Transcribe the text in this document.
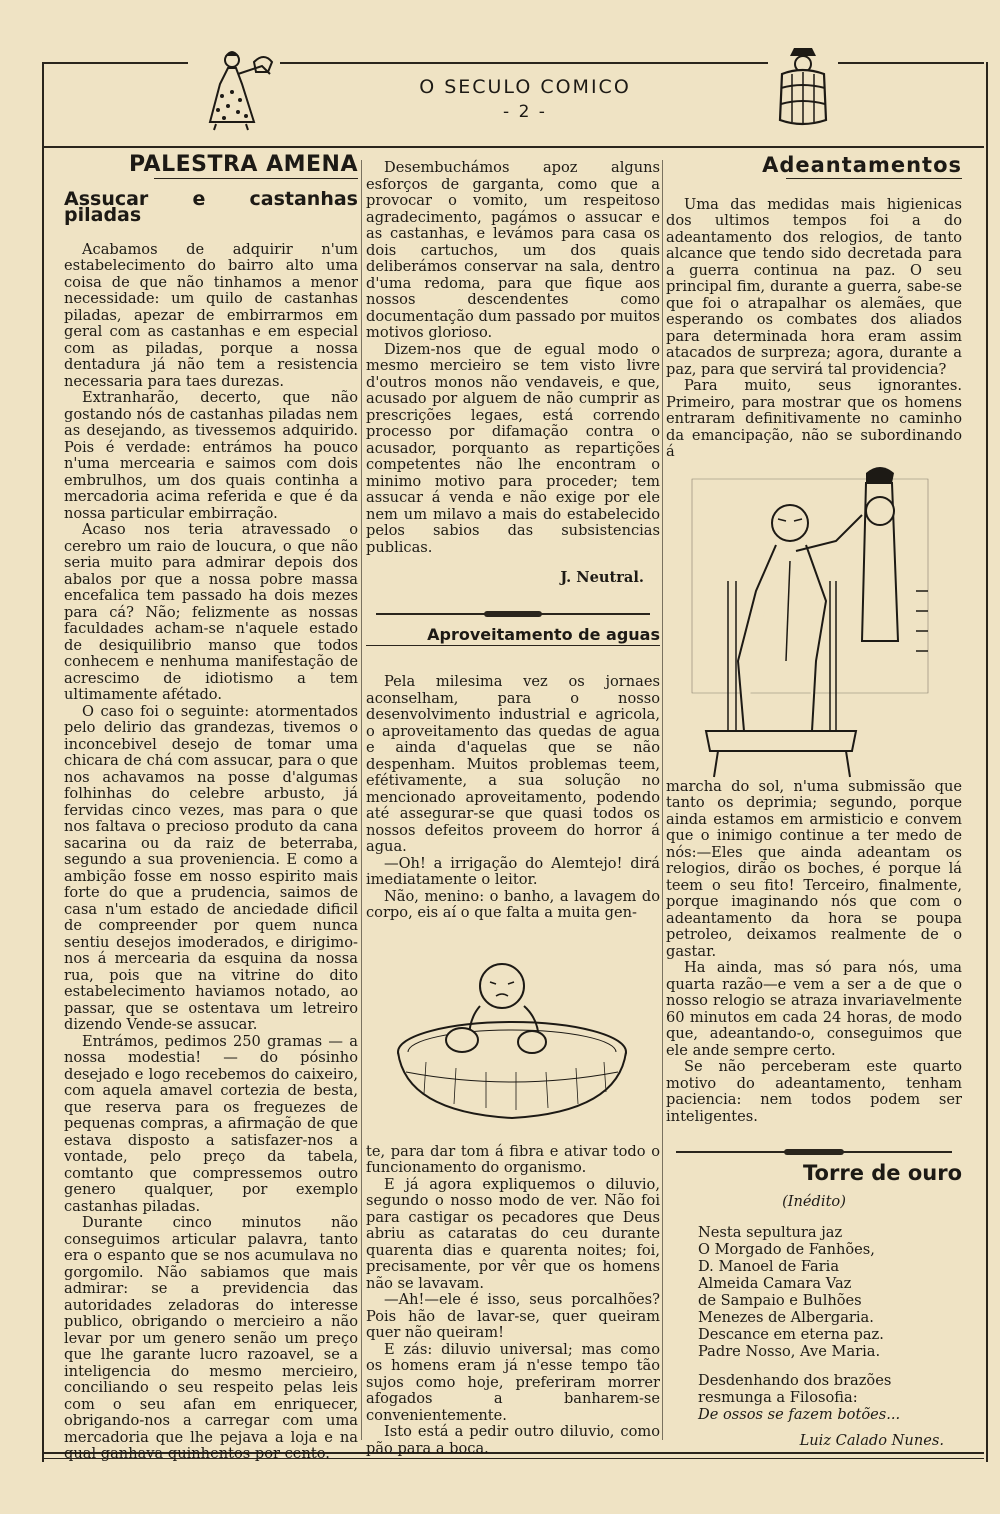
O SECULO COMICO
- 2 -
PALESTRA AMENA
Assucar e castanhas piladas

Acabamos de adquirir n'um estabelecimento do bairro alto uma coisa de que não tinhamos a menor necessidade: um quilo de castanhas piladas, apezar de embirrarmos em geral com as castanhas e em especial com as piladas, porque a nossa dentadura já não tem a resistencia necessaria para taes durezas.

Extranharão, decerto, que não gostando nós de castanhas piladas nem as desejando, as tivessemos adquirido. Pois é verdade: entrámos ha pouco n'uma mercearia e saimos com dois embrulhos, um dos quais continha a mercadoria acima referida e que é da nossa particular embirração.

Acaso nos teria atravessado o cerebro um raio de loucura, o que não seria muito para admirar depois dos abalos por que a nossa pobre massa encefalica tem passado ha dois mezes para cá? Não; felizmente as nossas faculdades acham-se n'aquele estado de desiquilibrio manso que todos conhecem e nenhuma manifestação de acrescimo de idiotismo a tem ultimamente afétado.

O caso foi o seguinte: atormentados pelo delirio das grandezas, tivemos o inconcebivel desejo de tomar uma chicara de chá com assucar, para o que nos achavamos na posse d'algumas folhinhas do celebre arbusto, já fervidas cinco vezes, mas para o que nos faltava o precioso produto da cana sacarina ou da raiz de beterraba, segundo a sua proveniencia. E como a ambição fosse em nosso espirito mais forte do que a prudencia, saimos de casa n'um estado de anciedade dificil de compreender por quem nunca sentiu desejos imoderados, e dirigimo-nos á mercearia da esquina da nossa rua, pois que na vitrine do dito estabelecimento haviamos notado, ao passar, que se ostentava um letreiro dizendo Vende-se assucar.

Entrámos, pedimos 250 gramas — a nossa modestia! — do pósinho desejado e logo recebemos do caixeiro, com aquela amavel cortezia de besta, que reserva para os freguezes de pequenas compras, a afirmação de que estava disposto a satisfazer-nos a vontade, pelo preço da tabela, comtanto que compressemos outro genero qualquer, por exemplo castanhas piladas.

Durante cinco minutos não conseguimos articular palavra, tanto era o espanto que se nos acumulava no gorgomilo. Não sabiamos que mais admirar: se a previdencia das autoridades zeladoras do interesse publico, obrigando o mercieiro a não levar por um genero senão um preço que lhe garante lucro razoavel, se a inteligencia do mesmo mercieiro, conciliando o seu respeito pelas leis com o seu afan em enriquecer, obrigando-nos a carregar com uma mercadoria que lhe pejava a loja e na qual ganhava quinhentos por cento.

Desembuchámos apoz alguns esforços de garganta, como que a provocar o vomito, um respeitoso agradecimento, pagámos o assucar e as castanhas, e levámos para casa os dois cartuchos, um dos quais deliberámos conservar na sala, dentro d'uma redoma, para que fique aos nossos descendentes como documentação dum passado por muitos motivos glorioso.

Dizem-nos que de egual modo o mesmo mercieiro se tem visto livre d'outros monos não vendaveis, e que, acusado por alguem de não cumprir as prescrições legaes, está correndo processo por difamação contra o acusador, porquanto as repartições competentes não lhe encontram o minimo motivo para proceder; tem assucar á venda e não exige por ele nem um milavo a mais do estabelecido pelos sabios das subsistencias publicas.

J. Neutral.
Aproveitamento de aguas

Pela milesima vez os jornaes aconselham, para o nosso desenvolvimento industrial e agricola, o aproveitamento das quedas de agua e ainda d'aquelas que se não despenham. Muitos problemas teem, efétivamente, a sua solução no mencionado aproveitamento, podendo até assegurar-se que quasi todos os nossos defeitos proveem do horror á agua.

—Oh! a irrigação do Alemtejo! dirá imediatamente o leitor.

Não, menino: o banho, a lavagem do corpo, eis aí o que falta a muita gen-

te, para dar tom á fibra e ativar todo o funcionamento do organismo.

E já agora expliquemos o diluvio, segundo o nosso modo de ver. Não foi para castigar os pecadores que Deus abriu as cataratas do ceu durante quarenta dias e quarenta noites; foi, precisamente, por vêr que os homens não se lavavam.

—Ah!—ele é isso, seus porcalhões? Pois hão de lavar-se, quer queiram quer não queiram!

E zás: diluvio universal; mas como os homens eram já n'esse tempo tão sujos como hoje, preferiram morrer afogados a banharem-se convenientemente.

Isto está a pedir outro diluvio, como pão para a boca.

Adeantamentos

Uma das medidas mais higienicas dos ultimos tempos foi a do adeantamento dos relogios, de tanto alcance que tendo sido decretada para a guerra continua na paz. O seu principal fim, durante a guerra, sabe-se que foi o atrapalhar os alemães, que esperando os combates dos aliados para determinada hora eram assim atacados de surpreza; agora, durante a paz, para que servirá tal providencia?

Para muito, seus ignorantes. Primeiro, para mostrar que os homens entraram definitivamente no caminho da emancipação, não se subordinando á

marcha do sol, n'uma submissão que tanto os deprimia; segundo, porque ainda estamos em armisticio e convem que o inimigo continue a ter medo de nós:—Eles que ainda adeantam os relogios, dirão os boches, é porque lá teem o seu fito! Terceiro, finalmente, porque imaginando nós que com o adeantamento da hora se poupa petroleo, deixamos realmente de o gastar.

Ha ainda, mas só para nós, uma quarta razão—e vem a ser a de que o nosso relogio se atraza invariavelmente 60 minutos em cada 24 horas, de modo que, adeantando-o, conseguimos que ele ande sempre certo.

Se não perceberam este quarto motivo do adeantamento, tenham paciencia: nem todos podem ser inteligentes.

Torre de ouro
(Inédito)
Nesta sepultura jaz
O Morgado de Fanhões,
D. Manoel de Faria
Almeida Camara Vaz
de Sampaio e Bulhões
Menezes de Albergaria.
Descance em eterna paz.
Padre Nosso, Ave Maria.
Desdenhando dos brazões
resmunga a Filosofia:
De ossos se fazem botões...
Luiz Calado Nunes.
